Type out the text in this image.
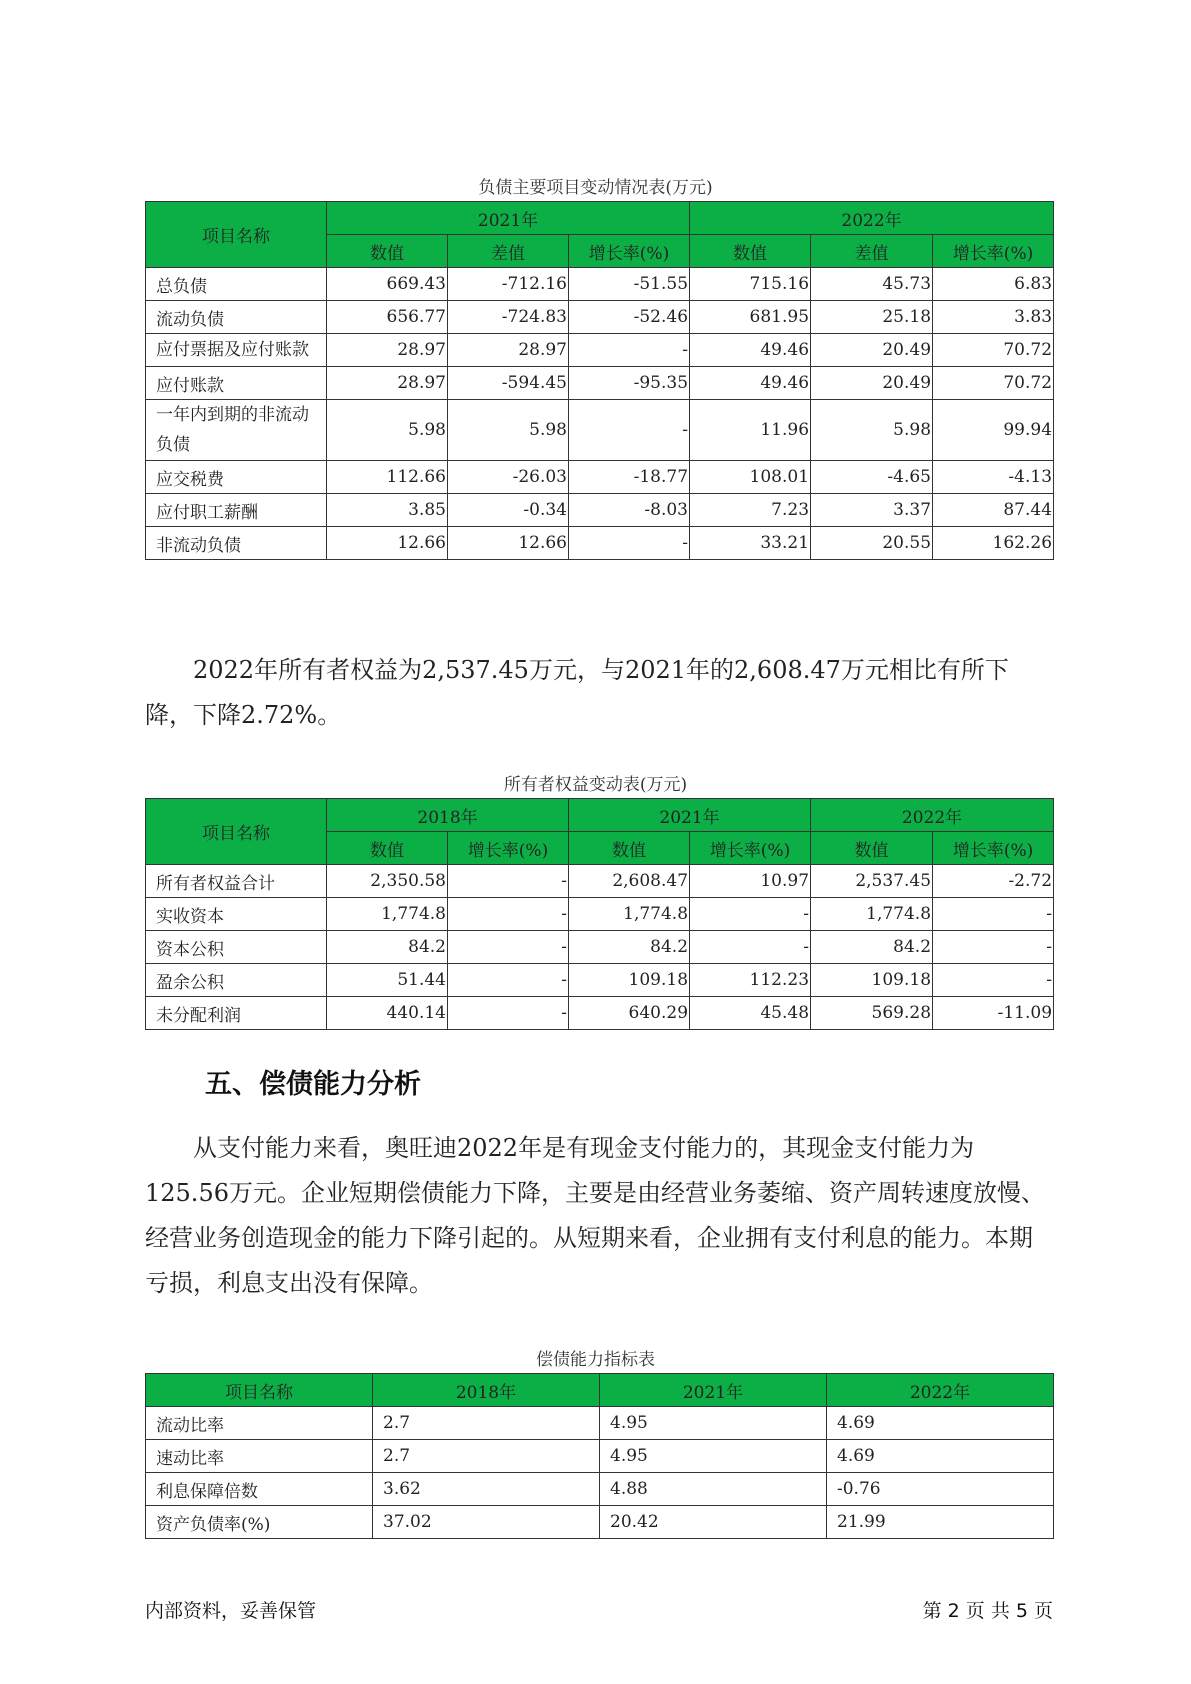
负债主要项目变动情况表(万元)
项目名称	2021年			2022年		
	数值	差值	增长率(%)	数值	差值	增长率(%)
总负债	669.43	-712.16	-51.55	715.16	45.73	6.83
流动负债	656.77	-724.83	-52.46	681.95	25.18	3.83
应付票据及应付账款	28.97	28.97	-	49.46	20.49	70.72
应付账款	28.97	-594.45	-95.35	49.46	20.49	70.72
一年内到期的非流动负债	5.98	5.98	-	11.96	5.98	99.94
应交税费	112.66	-26.03	-18.77	108.01	-4.65	-4.13
应付职工薪酬	3.85	-0.34	-8.03	7.23	3.37	87.44
非流动负债	12.66	12.66	-	33.21	20.55	162.26

2022年所有者权益为2,537.45万元，与2021年的2,608.47万元相比有所下降，下降2.72%。

所有者权益变动表(万元)
项目名称	2018年		2021年		2022年	
	数值	增长率(%)	数值	增长率(%)	数值	增长率(%)
所有者权益合计	2,350.58	-	2,608.47	10.97	2,537.45	-2.72
实收资本	1,774.8	-	1,774.8	-	1,774.8	-
资本公积	84.2	-	84.2	-	84.2	-
盈余公积	51.44	-	109.18	112.23	109.18	-
未分配利润	440.14	-	640.29	45.48	569.28	-11.09
五、偿债能力分析

从支付能力来看，奥旺迪2022年是有现金支付能力的，其现金支付能力为125.56万元。企业短期偿债能力下降，主要是由经营业务萎缩、资产周转速度放慢、经营业务创造现金的能力下降引起的。从短期来看，企业拥有支付利息的能力。本期亏损，利息支出没有保障。

偿债能力指标表
项目名称	2018年	2021年	2022年
流动比率	2.7	4.95	4.69
速动比率	2.7	4.95	4.69
利息保障倍数	3.62	4.88	-0.76
资产负债率(%)	37.02	20.42	21.99
内部资料，妥善保管	第 2 页 共 5 页
